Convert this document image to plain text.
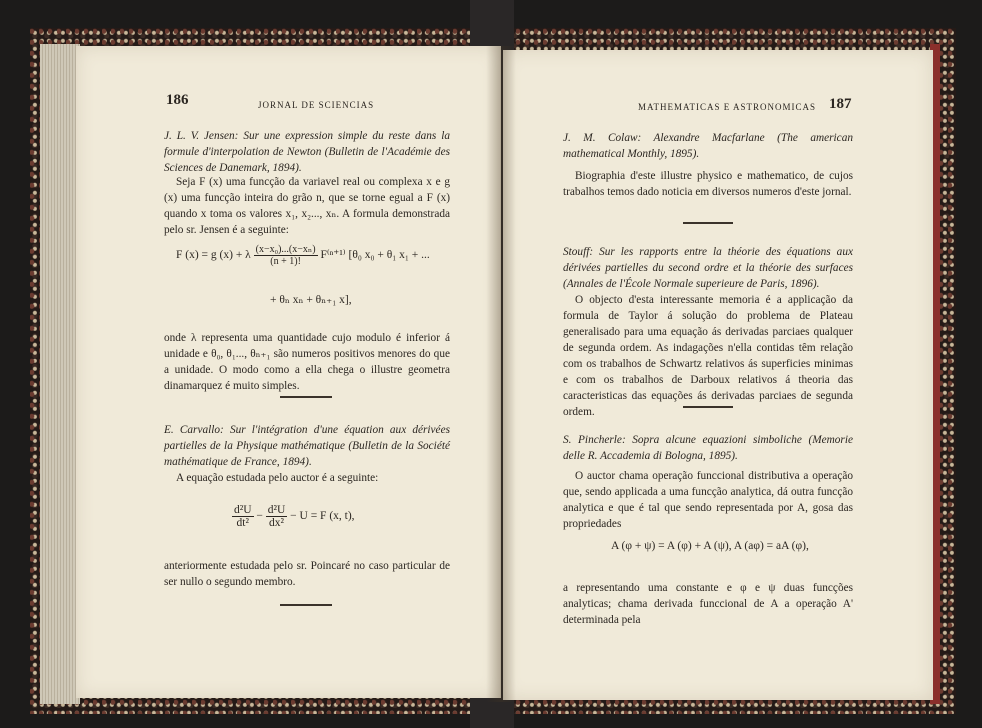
186	JORNAL DE SCIENCIAS
J. L. V. Jensen: Sur une expression simple du reste dans la formule d'interpolation de Newton (Bulletin de l'Académie des Sciences de Danemark, 1894).
Seja F (x) uma funcção da variavel real ou complexa x e g (x) uma funcção inteira do grão n, que se torne egual a F (x) quando x toma os valores x₁, x₂..., xₙ. A formula demonstrada pelo sr. Jensen é a seguinte:
F (x) = g (x) + λ $\frac{\text{(x−x₀)...(x−xₙ)}}{(n + 1)!} F^{(n+1)}$ [θ₀ x₀ + θ₁ x₁ + ...
+ θₙ xₙ + θₙ₊₁ x],
onde λ representa uma quantidade cujo modulo é inferior á unidade e θ₀, θ₁..., θₙ₊₁ são numeros positivos menores do que a unidade. O modo como a ella chega o illustre geometra dinamarquez é muito simples.
E. Carvallo: Sur l'intégration d'une équation aux dérivées partielles de la Physique mathématique (Bulletin de la Société mathématique de France, 1894).
A equação estudada pelo auctor é a seguinte:
$\frac{\text{d²U}}{\text{dt²}} - \frac{\text{d²U}}{\text{dx²}} - U = F$ (x, t),
anteriormente estudada pelo sr. Poincaré no caso particular de ser nullo o segundo membro.
MATHEMATICAS E ASTRONOMICAS 187
J. M. Colaw: Alexandre Macfarlane (The american mathematical Monthly, 1895).
Biographia d'este illustre physico e mathematico, de cujos trabalhos temos dado noticia em diversos numeros d'este jornal.
Stouff: Sur les rapports entre la théorie des équations aux dérivées partielles du second ordre et la théorie des surfaces (Annales de l'École Normale superieure de Paris, 1896).
O objecto d'esta interessante memoria é a applicação da formula de Taylor á solução do problema de Plateau generalisado para uma equação ás derivadas parciaes qualquer de segunda ordem. As indagações n'ella contidas têm relação com os trabalhos de Schwartz relativos ás superficies minimas e com os trabalhos de Darboux relativos á theoria das caracteristicas das equações ás derivadas parciaes de segunda ordem.
S. Pincherle: Sopra alcune equazioni simboliche (Memorie delle R. Accademia di Bologna, 1895).
O auctor chama operação funccional distributiva a operação que, sendo applicada a uma funcção analytica, dá outra funcção analytica e que é tal que sendo representada por A, gosa das propriedades
A (φ + ψ) = A (φ) + A (ψ), A (aφ) = aA (φ),
a representando uma constante e φ e ψ duas funcções analyticas; chama derivada funccional de A a operação A' determinada pela
